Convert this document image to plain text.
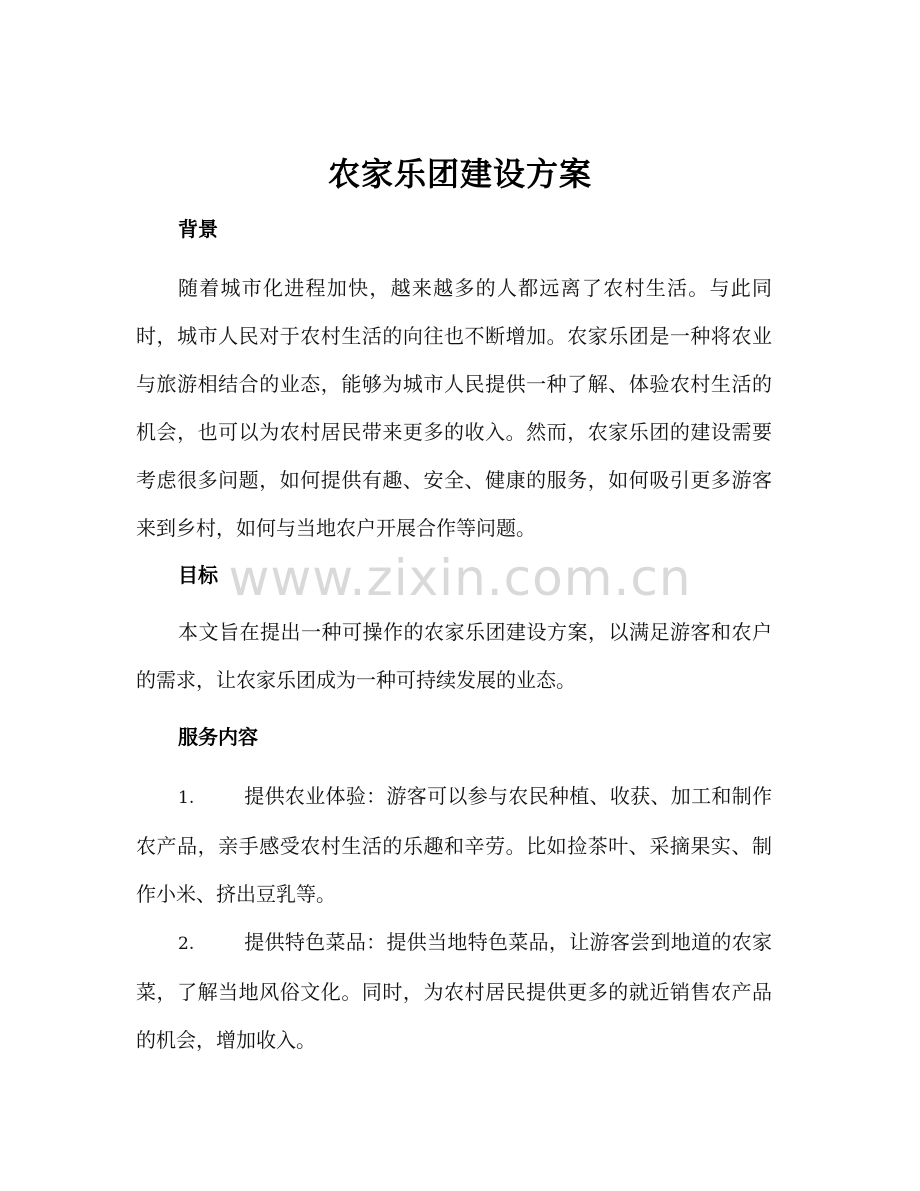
农家乐团建设方案
背景

随着城市化进程加快，越来越多的人都远离了农村生活。与此同时，城市人民对于农村生活的向往也不断增加。农家乐团是一种将农业与旅游相结合的业态，能够为城市人民提供一种了解、体验农村生活的机会，也可以为农村居民带来更多的收入。然而，农家乐团的建设需要考虑很多问题，如何提供有趣、安全、健康的服务，如何吸引更多游客来到乡村，如何与当地农户开展合作等问题。

目标

本文旨在提出一种可操作的农家乐团建设方案，以满足游客和农户的需求，让农家乐团成为一种可持续发展的业态。

服务内容
1. 提供农业体验：游客可以参与农民种植、收获、加工和制作农产品，亲手感受农村生活的乐趣和辛劳。比如捡茶叶、采摘果实、制作小米、挤出豆乳等。
2. 提供特色菜品：提供当地特色菜品，让游客尝到地道的农家菜，了解当地风俗文化。同时，为农村居民提供更多的就近销售农产品的机会，增加收入。
www.zixin.com.cn
